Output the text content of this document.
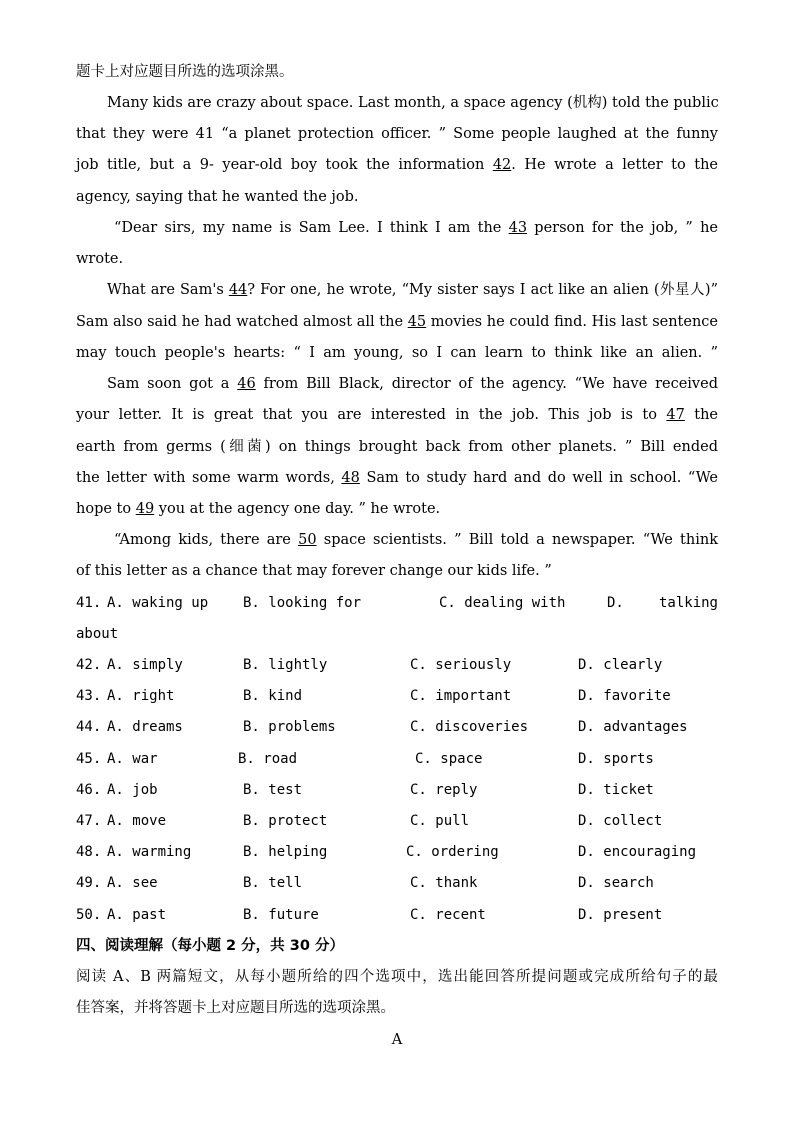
题卡上对应题目所选的选项涂黑。
Many kids are crazy about space. Last month, a space agency (机构) told the public
that they were 41 “a planet protection officer. ” Some people laughed at the funny
job title, but a 9- year-old boy took the information 42. He wrote a letter to the
agency, saying that he wanted the job.
“Dear sirs, my name is Sam Lee. I think I am the 43 person for the job, ” he
wrote.
What are Sam's 44? For one, he wrote, “My sister says I act like an alien (外星人)”
Sam also said he had watched almost all the 45 movies he could find. His last sentence
may touch people's hearts: “ I am young, so I can learn to think like an alien. ”
Sam soon got a 46 from Bill Black, director of the agency. “We have received
your letter. It is great that you are interested in the job. This job is to 47 the
earth from germs (细菌) on things brought back from other planets. ” Bill ended
the letter with some warm words, 48 Sam to study hard and do well in school. “We
hope to 49 you at the agency one day. ” he wrote.
“Among kids, there are 50 space scientists. ” Bill told a newspaper. “We think
of this letter as a chance that may forever change our kids life. ”
41. A. waking up B. looking for	C. dealing with	D. talking
about
42. A. simply	B. lightly	C. seriously	D. clearly
43. A. right	B. kind	C. important	D. favorite
44. A. dreams	B. problems	C. discoveries	D. advantages
45. A. war	B. road	C. space	D. sports
46. A. job	B. test	C. reply	D. ticket
47. A. move	B. protect	C. pull	D. collect
48. A. warming	B. helping	C. ordering	D. encouraging
49. A. see	B. tell	C. thank	D. search
50. A. past	B. future	C. recent	D. present
四、阅读理解（每小题 2 分，共 30 分）
阅读 A、B 两篇短文，从每小题所给的四个选项中，选出能回答所提问题或完成所给句子的最
佳答案，并将答题卡上对应题目所选的选项涂黑。
A
